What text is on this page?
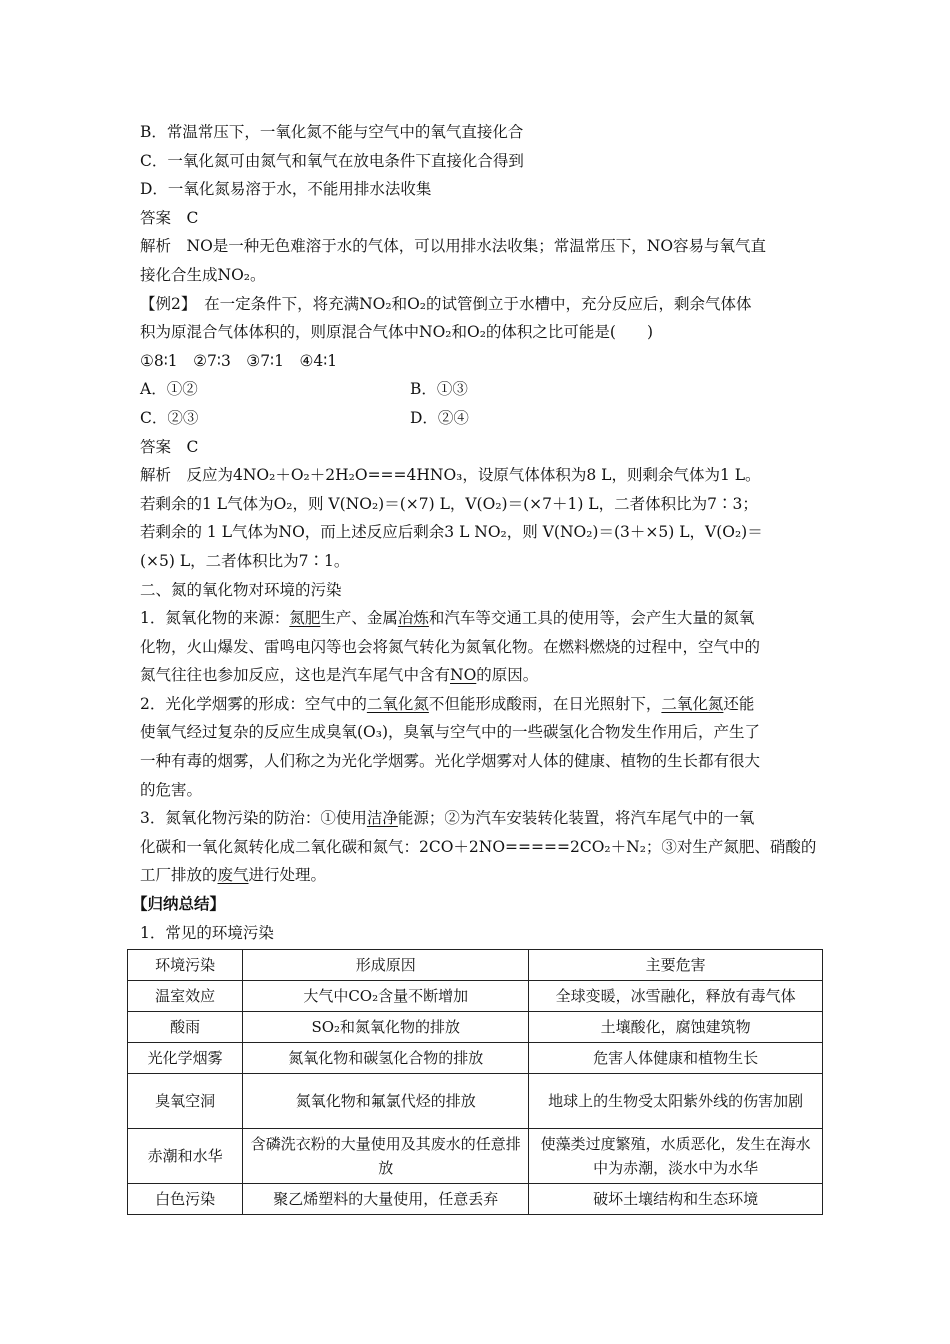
B．常温常压下，一氧化氮不能与空气中的氧气直接化合
C．一氧化氮可由氮气和氧气在放电条件下直接化合得到
D．一氧化氮易溶于水，不能用排水法收集
答案　C
解析　NO是一种无色难溶于水的气体，可以用排水法收集；常温常压下，NO容易与氧气直
接化合生成NO₂。
【例2】　在一定条件下，将充满NO₂和O₂的试管倒立于水槽中，充分反应后，剩余气体体
积为原混合气体体积的，则原混合气体中NO₂和O₂的体积之比可能是(　　)
①8∶1　②7∶3　③7∶1　④4∶1
A．①②	B．①③
C．②③	D．②④
答案　C
解析　反应为4NO₂＋O₂＋2H₂O===4HNO₃，设原气体体积为8 L，则剩余气体为1 L。
若剩余的1 L气体为O₂，则 V(NO₂)＝(×7) L，V(O₂)＝(×7＋1) L，二者体积比为7∶3；
若剩余的 1 L气体为NO，而上述反应后剩余3 L NO₂，则 V(NO₂)＝(3＋×5) L，V(O₂)＝
(×5) L，二者体积比为7∶1。
二、氮的氧化物对环境的污染
1．氮氧化物的来源：氮肥生产、金属冶炼和汽车等交通工具的使用等，会产生大量的氮氧
化物，火山爆发、雷鸣电闪等也会将氮气转化为氮氧化物。在燃料燃烧的过程中，空气中的
氮气往往也参加反应，这也是汽车尾气中含有NO的原因。
2．光化学烟雾的形成：空气中的二氧化氮不但能形成酸雨，在日光照射下，二氧化氮还能
使氧气经过复杂的反应生成臭氧(O₃)，臭氧与空气中的一些碳氢化合物发生作用后，产生了
一种有毒的烟雾，人们称之为光化学烟雾。光化学烟雾对人体的健康、植物的生长都有很大
的危害。
3．氮氧化物污染的防治：①使用洁净能源；②为汽车安装转化装置，将汽车尾气中的一氧
化碳和一氧化氮转化成二氧化碳和氮气：2CO＋2NO=====2CO₂＋N₂；③对生产氮肥、硝酸的
工厂排放的废气进行处理。
【归纳总结】
1．常见的环境污染
环境污染	形成原因	主要危害
温室效应	大气中CO₂含量不断增加	全球变暖，冰雪融化，释放有毒气体
酸雨	SO₂和氮氧化物的排放	土壤酸化，腐蚀建筑物
光化学烟雾	氮氧化物和碳氢化合物的排放	危害人体健康和植物生长
臭氧空洞	氮氧化物和氟氯代烃的排放	地球上的生物受太阳紫外线的伤害加剧
赤潮和水华	含磷洗衣粉的大量使用及其废水的任意排放	使藻类过度繁殖，水质恶化，发生在海水中为赤潮，淡水中为水华
白色污染	聚乙烯塑料的大量使用，任意丢弃	破坏土壤结构和生态环境
